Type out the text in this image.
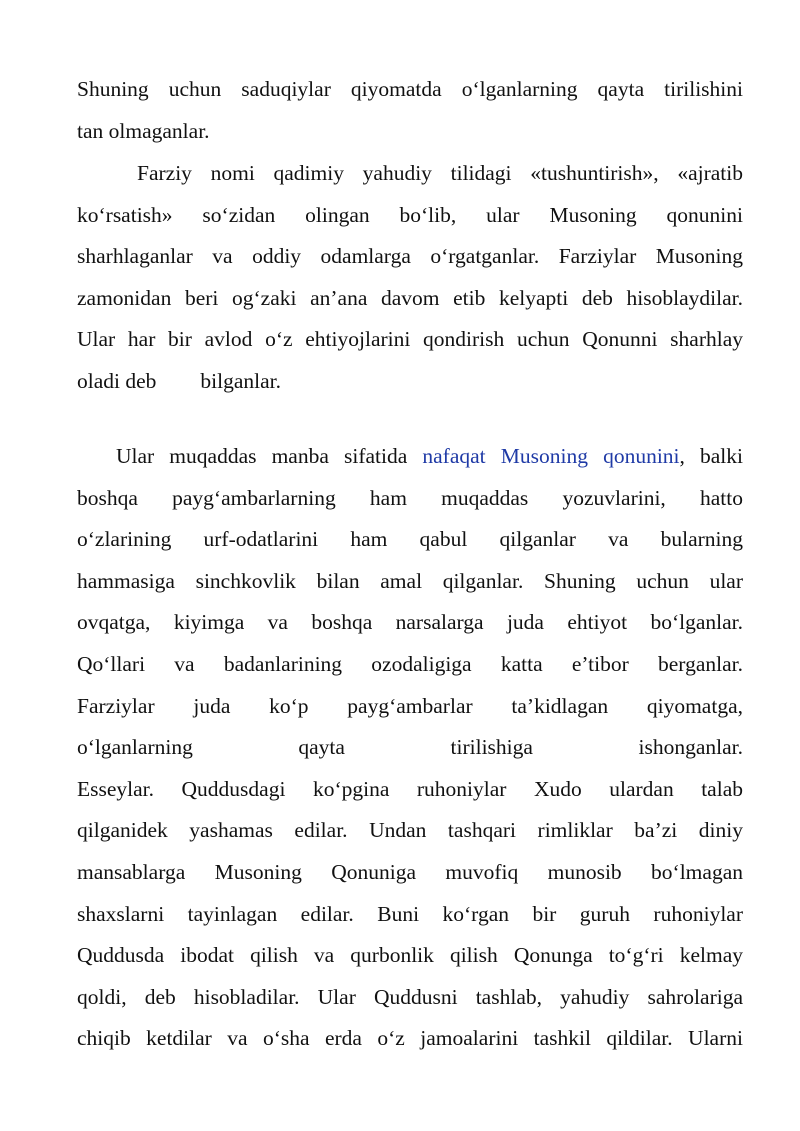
Shuning uchun saduqiylar qiyomatda o‘lganlarning qayta tirilishini
tan olmaganlar.
Farziy nomi qadimiy yahudiy tilidagi «tushuntirish», «ajratib
ko‘rsatish» so‘zidan olingan bo‘lib, ular Musoning qonunini
sharhlaganlar va oddiy odamlarga o‘rgatganlar. Farziylar Musoning
zamonidan beri og‘zaki an’ana davom etib kelyapti deb hisoblaydilar.
Ular har bir avlod o‘z ehtiyojlarini qondirish uchun Qonunni sharhlay
oladi deb bilganlar.
Ular muqaddas manba sifatida nafaqat Musoning qonunini, balki
boshqa payg‘ambarlarning ham muqaddas yozuvlarini, hatto
o‘zlarining urf-odatlarini ham qabul qilganlar va bularning
hammasiga sinchkovlik bilan amal qilganlar. Shuning uchun ular
ovqatga, kiyimga va boshqa narsalarga juda ehtiyot bo‘lganlar.
Qo‘llari va badanlarining ozodaligiga katta e’tibor berganlar.
Farziylar juda ko‘p payg‘ambarlar ta’kidlagan qiyomatga,
o‘lganlarning qayta tirilishiga ishonganlar.
Esseylar. Quddusdagi ko‘pgina ruhoniylar Xudo ulardan talab
qilganidek yashamas edilar. Undan tashqari rimliklar ba’zi diniy
mansablarga Musoning Qonuniga muvofiq munosib bo‘lmagan
shaxslarni tayinlagan edilar. Buni ko‘rgan bir guruh ruhoniylar
Quddusda ibodat qilish va qurbonlik qilish Qonunga to‘g‘ri kelmay
qoldi, deb hisobladilar. Ular Quddusni tashlab, yahudiy sahrolariga
chiqib ketdilar va o‘sha erda o‘z jamoalarini tashkil qildilar. Ularni
